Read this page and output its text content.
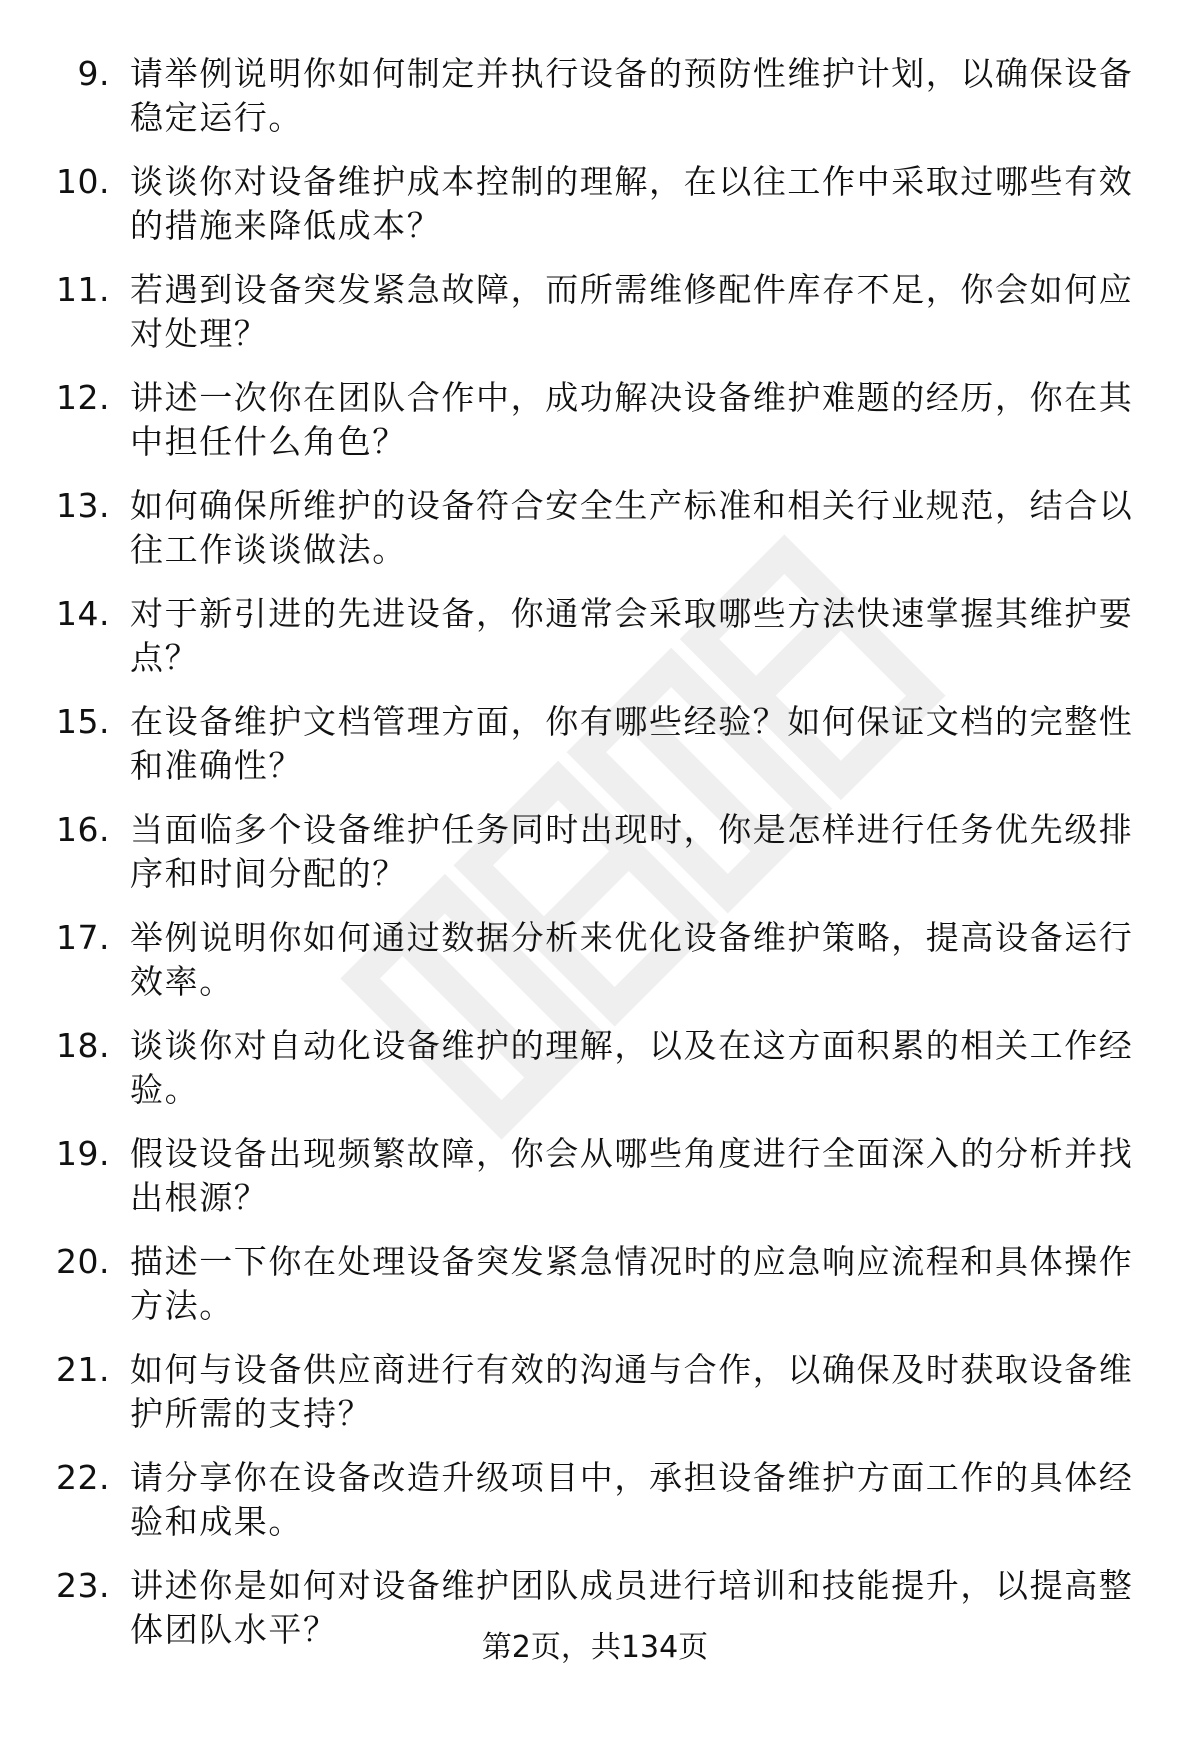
9. 请举例说明你如何制定并执行设备的预防性维护计划，以确保设备稳定运行。
10. 谈谈你对设备维护成本控制的理解，在以往工作中采取过哪些有效的措施来降低成本？
11. 若遇到设备突发紧急故障，而所需维修配件库存不足，你会如何应对处理？
12. 讲述一次你在团队合作中，成功解决设备维护难题的经历，你在其中担任什么角色？
13. 如何确保所维护的设备符合安全生产标准和相关行业规范，结合以往工作谈谈做法。
14. 对于新引进的先进设备，你通常会采取哪些方法快速掌握其维护要点？
15. 在设备维护文档管理方面，你有哪些经验？如何保证文档的完整性和准确性？
16. 当面临多个设备维护任务同时出现时，你是怎样进行任务优先级排序和时间分配的？
17. 举例说明你如何通过数据分析来优化设备维护策略，提高设备运行效率。
18. 谈谈你对自动化设备维护的理解，以及在这方面积累的相关工作经验。
19. 假设设备出现频繁故障，你会从哪些角度进行全面深入的分析并找出根源？
20. 描述一下你在处理设备突发紧急情况时的应急响应流程和具体操作方法。
21. 如何与设备供应商进行有效的沟通与合作，以确保及时获取设备维护所需的支持？
22. 请分享你在设备改造升级项目中，承担设备维护方面工作的具体经验和成果。
23. 讲述你是如何对设备维护团队成员进行培训和技能提升，以提高整体团队水平？	第2页，共134页
